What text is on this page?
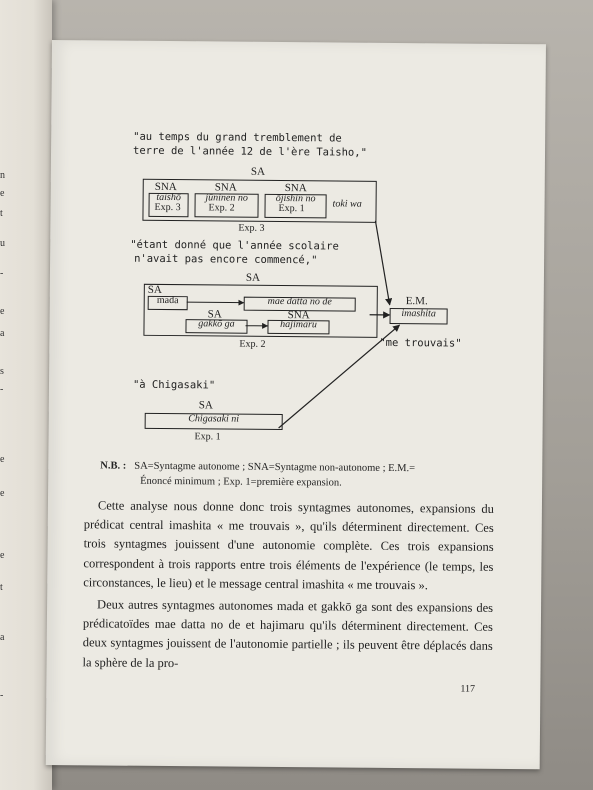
n
e
t
u
-
e
a
s
-
e
e
e
t
a
-
"au temps du grand tremblement de
terre de l'année 12 de l'ère Taisho,"
SA
SNA
taishō
Exp. 3
SNA
jūninen no
Exp. 2
SNA
ōjishin no
Exp. 1	toki wa
Exp. 3
"étant donné que l'année scolaire
n'avait pas encore commencé,"
SA
SA
mada	mae datta no de
SA	SNA
gakkō ga	hajimaru
Exp. 2
E.M.
imashita
"me trouvais"
"à Chigasaki"
SA
Chigasaki ni
Exp. 1
N.B. : SA=Syntagme autonome ; SNA=Syntagme non-autonome ; E.M.=
Énoncé minimum ; Exp. 1=première expansion.

Cette analyse nous donne donc trois syntagmes autonomes, expansions du prédicat central imashita « me trouvais », qu'ils déterminent directement. Ces trois syntagmes jouissent d'une autonomie complète. Ces trois expansions correspondent à trois rapports entre trois éléments de l'expérience (le temps, les circonstances, le lieu) et le message central imashita « me trouvais ».

Deux autres syntagmes autonomes mada et gakkō ga sont des expansions des prédicatoïdes mae datta no de et hajimaru qu'ils déterminent directement. Ces deux syntagmes jouissent de l'autonomie partielle ; ils peuvent être déplacés dans la sphère de la pro-

117
